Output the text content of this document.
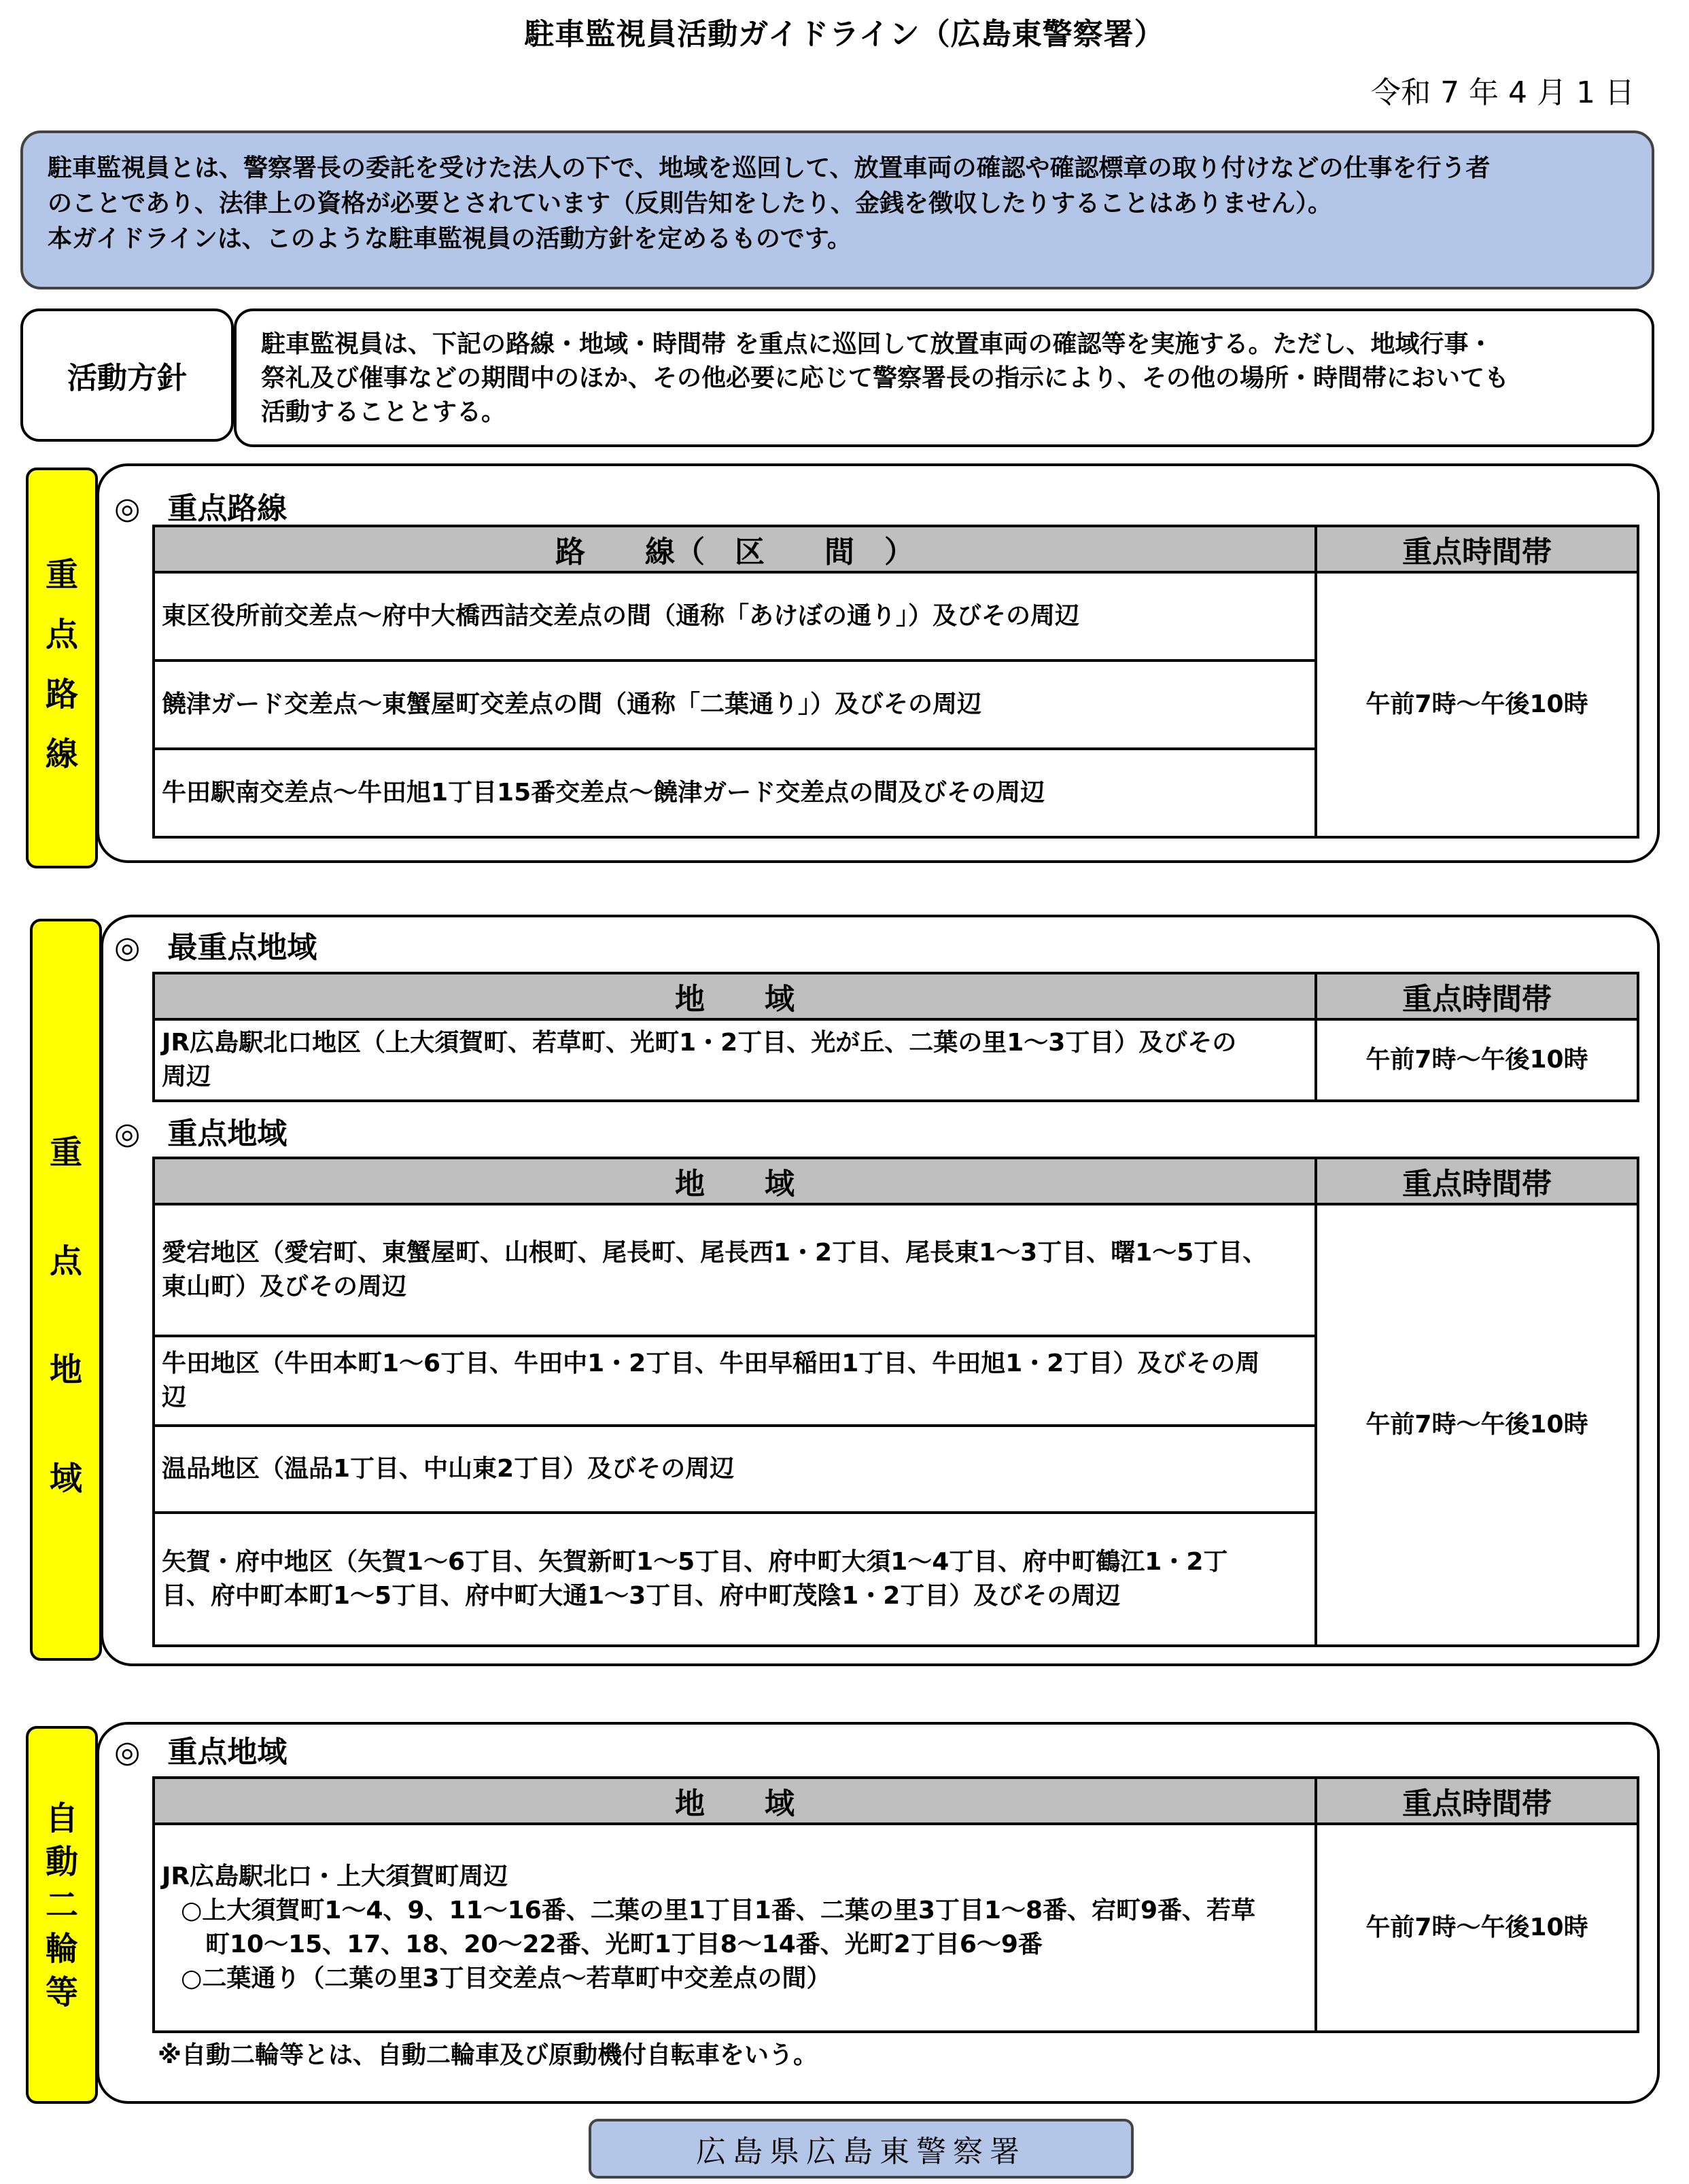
駐車監視員活動ガイドライン（広島東警察署）
令和 7 年 4 月 1 日

駐車監視員とは、警察署長の委託を受けた法人の下で、地域を巡回して、放置車両の確認や確認標章の取り付けなどの仕事を行う者

のことであり、法律上の資格が必要とされています（反則告知をしたり、金銭を徴収したりすることはありません）。

本ガイドラインは、このような駐車監視員の活動方針を定めるものです。

活動方針
駐車監視員は、下記の路線・地域・時間帯 を重点に巡回して放置車両の確認等を実施する。ただし、地域行事・
祭礼及び催事などの期間中のほか、その他必要に応じて警察署長の指示により、その他の場所・時間帯においても
活動することとする。
重
点
路
線
◎ 重点路線
路　　線（　区　　間　）	重点時間帯
東区役所前交差点～府中大橋西詰交差点の間（通称「あけぼの通り」）及びその周辺	午前7時～午後10時
饒津ガード交差点～東蟹屋町交差点の間（通称「二葉通り」）及びその周辺	
牛田駅南交差点～牛田旭1丁目15番交差点～饒津ガード交差点の間及びその周辺	
重
点
地
域
◎ 最重点地域
地　　域	重点時間帯

JR広島駅北口地区（上大須賀町、若草町、光町1・2丁目、光が丘、二葉の里1～3丁目）及びその
周辺	午前7時～午後10時
◎ 重点地域
地　　域	重点時間帯

愛宕地区（愛宕町、東蟹屋町、山根町、尾長町、尾長西1・2丁目、尾長東1～3丁目、曙1～5丁目、
東山町）及びその周辺	午前7時～午後10時

牛田地区（牛田本町1～6丁目、牛田中1・2丁目、牛田早稲田1丁目、牛田旭1・2丁目）及びその周
辺	

温品地区（温品1丁目、中山東2丁目）及びその周辺	

矢賀・府中地区（矢賀1～6丁目、矢賀新町1～5丁目、府中町大須1～4丁目、府中町鶴江1・2丁
目、府中町本町1～5丁目、府中町大通1～3丁目、府中町茂陰1・2丁目）及びその周辺	
自
動
二
輪
等
◎ 重点地域
地　　域	重点時間帯

JR広島駅北口・上大須賀町周辺
○上大須賀町1～4、9、11～16番、二葉の里1丁目1番、二葉の里3丁目1～8番、宕町9番、若草
町10～15、17、18、20～22番、光町1丁目8～14番、光町2丁目6～9番
○二葉通り（二葉の里3丁目交差点～若草町中交差点の間）	午前7時～午後10時
※自動二輪等とは、自動二輪車及び原動機付自転車をいう。
広島県広島東警察署
